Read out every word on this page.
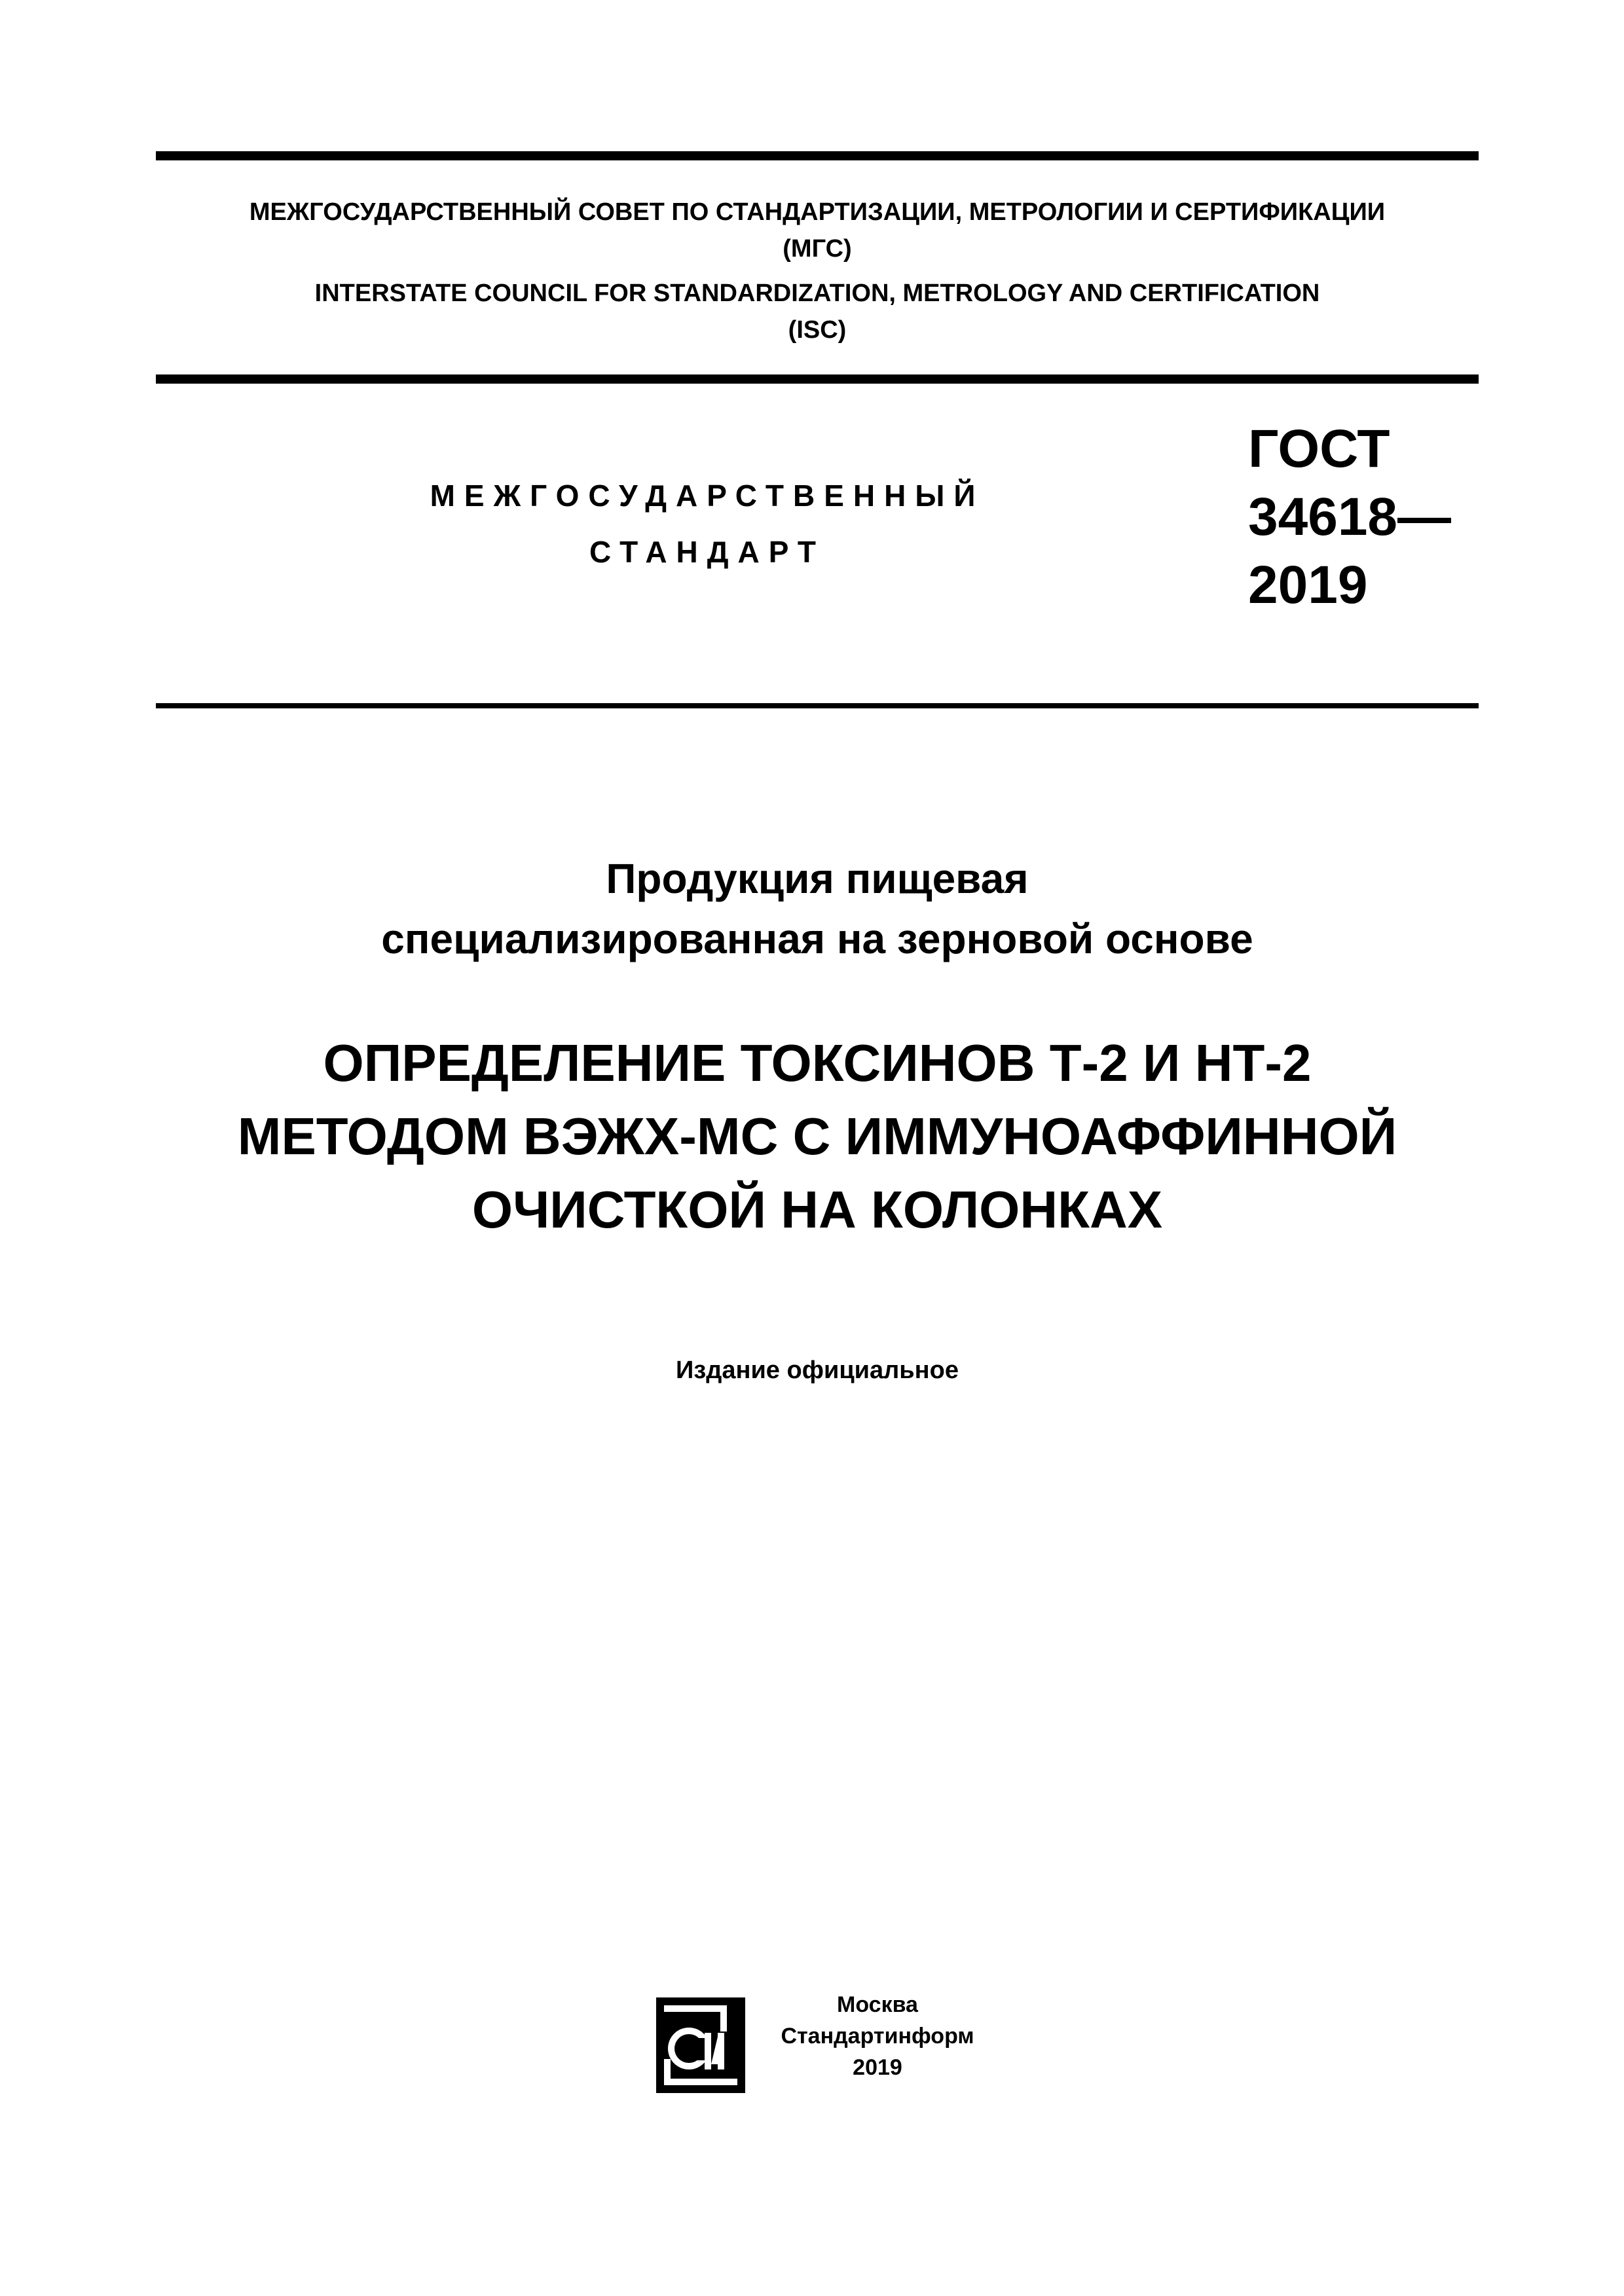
МЕЖГОСУДАРСТВЕННЫЙ СОВЕТ ПО СТАНДАРТИЗАЦИИ, МЕТРОЛОГИИ И СЕРТИФИКАЦИИ

(МГС)

INTERSTATE COUNCIL FOR STANDARDIZATION, METROLOGY AND CERTIFICATION

(ISC)

МЕЖГОСУДАРСТВЕННЫЙ

СТАНДАРТ

ГОСТ

34618—

2019

Продукция пищевая

специализированная на зерновой основе

ОПРЕДЕЛЕНИЕ ТОКСИНОВ Т-2 И НТ-2

МЕТОДОМ ВЭЖХ-МС С ИММУНОАФФИННОЙ

ОЧИСТКОЙ НА КОЛОНКАХ

Издание официальное

Москва

Стандартинформ

2019
